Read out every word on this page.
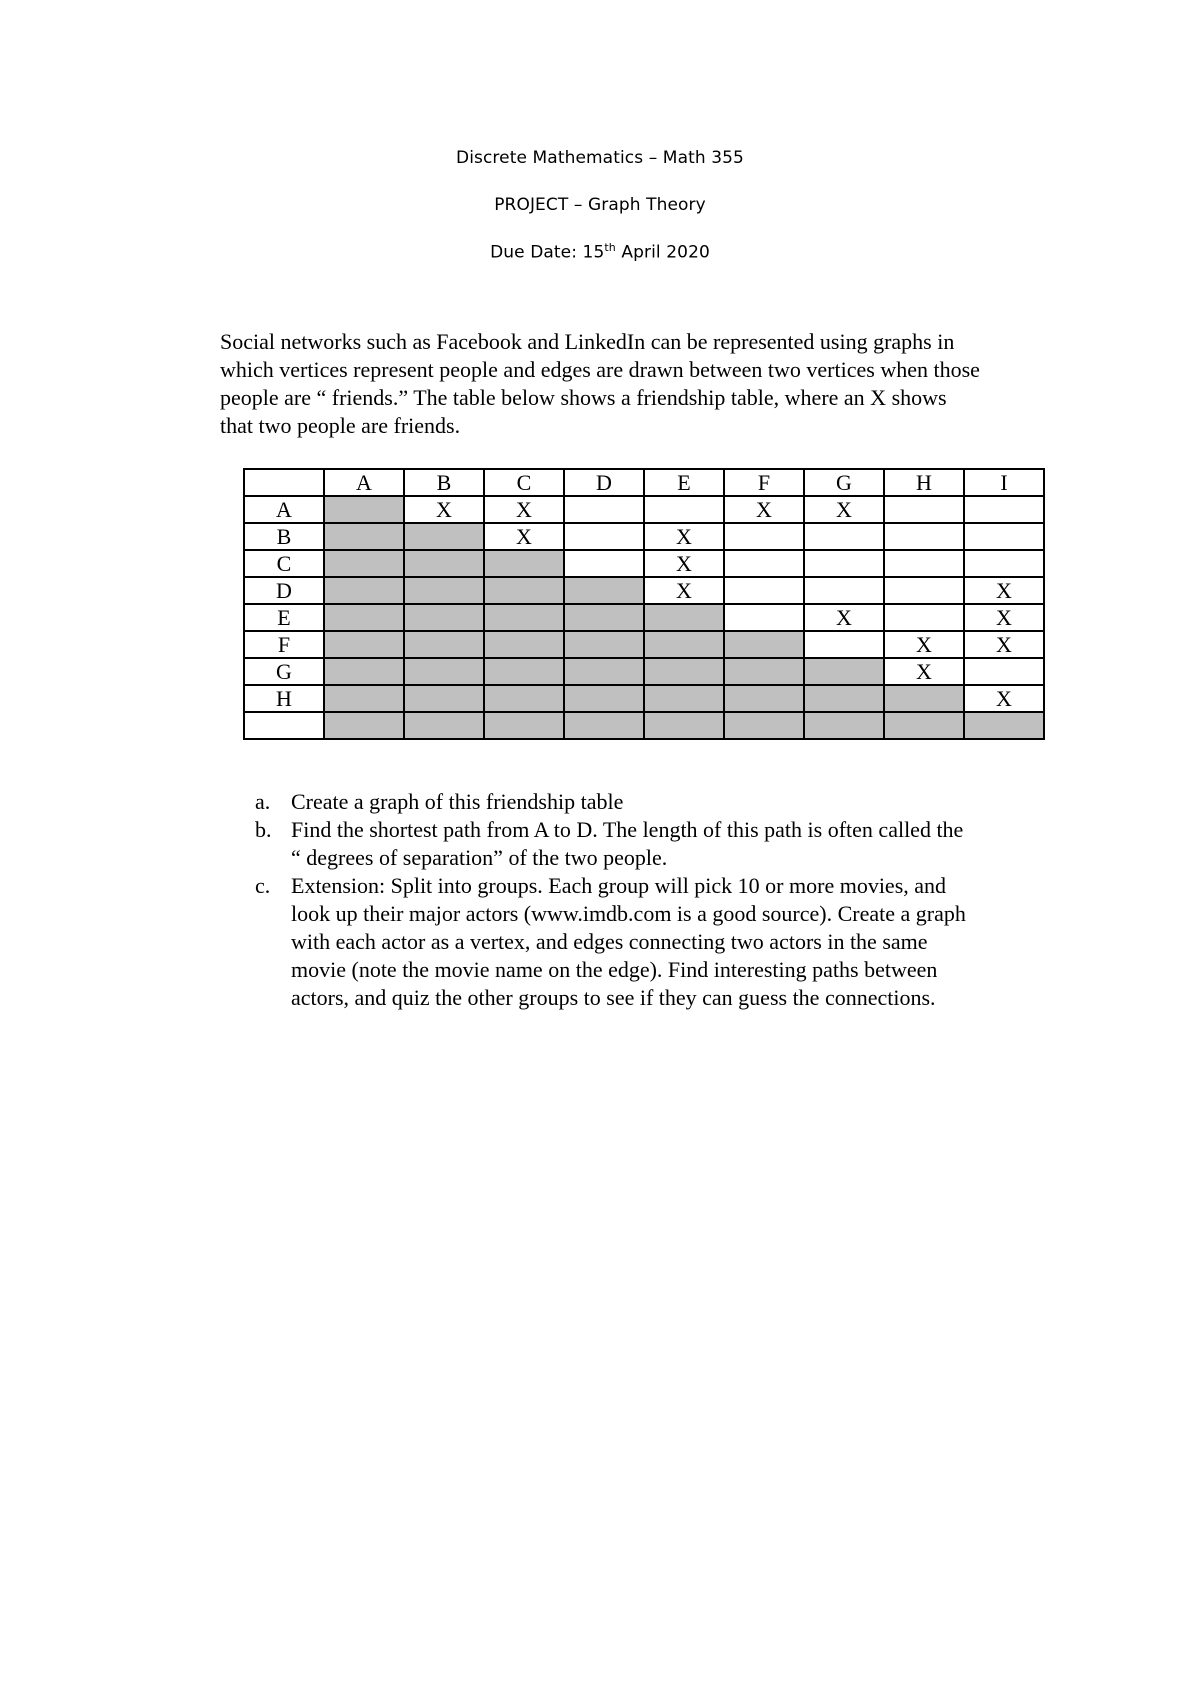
Discrete Mathematics – Math 355
PROJECT – Graph Theory
Due Date: 15th April 2020
Social networks such as Facebook and LinkedIn can be represented using graphs in
which vertices represent people and edges are drawn between two vertices when those
people are “ friends.” The table below shows a friendship table, where an X shows
that two people are friends.
	A	B	C	D	E	F	G	H	I
A		X	X			X	X		
B			X		X				
C					X				
D					X				X
E							X		X
F								X	X
G								X	
H									X

a. Create a graph of this friendship table
b. Find the shortest path from A to D. The length of this path is often called the
“ degrees of separation” of the two people.
c. Extension: Split into groups. Each group will pick 10 or more movies, and
look up their major actors (www.imdb.com is a good source). Create a graph
with each actor as a vertex, and edges connecting two actors in the same
movie (note the movie name on the edge). Find interesting paths between
actors, and quiz the other groups to see if they can guess the connections.
